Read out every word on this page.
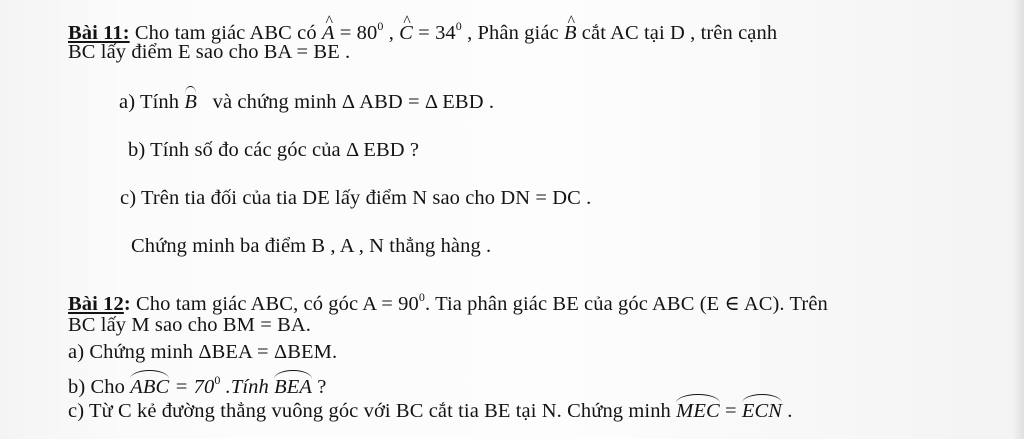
Bài 11: Cho tam giác ABC có ^ $A = 80^0$ , ^ $C = 34^0$ , Phân giác ^ B cắt AC tại D , trên cạnh
BC lấy điểm E sao cho BA = BE .
a) Tính B và chứng minh Δ ABD = Δ EBD .
b) Tính số đo các góc của Δ EBD ?
c) Trên tia đối của tia DE lấy điểm N sao cho DN = DC .
Chứng minh ba điểm B , A , N thẳng hàng .
Bài 12: Cho tam giác ABC, có góc $A = 90^0$. Tia phân giác BE của góc ABC (E ∈ AC). Trên
BC lấy M sao cho BM = BA.
a) Chứng minh ΔBEA = ΔBEM.
b) Cho ABC = $70^0$ .Tính BEA ?
c) Từ C kẻ đường thẳng vuông góc với BC cắt tia BE tại N. Chứng minh MEC = ECN .
